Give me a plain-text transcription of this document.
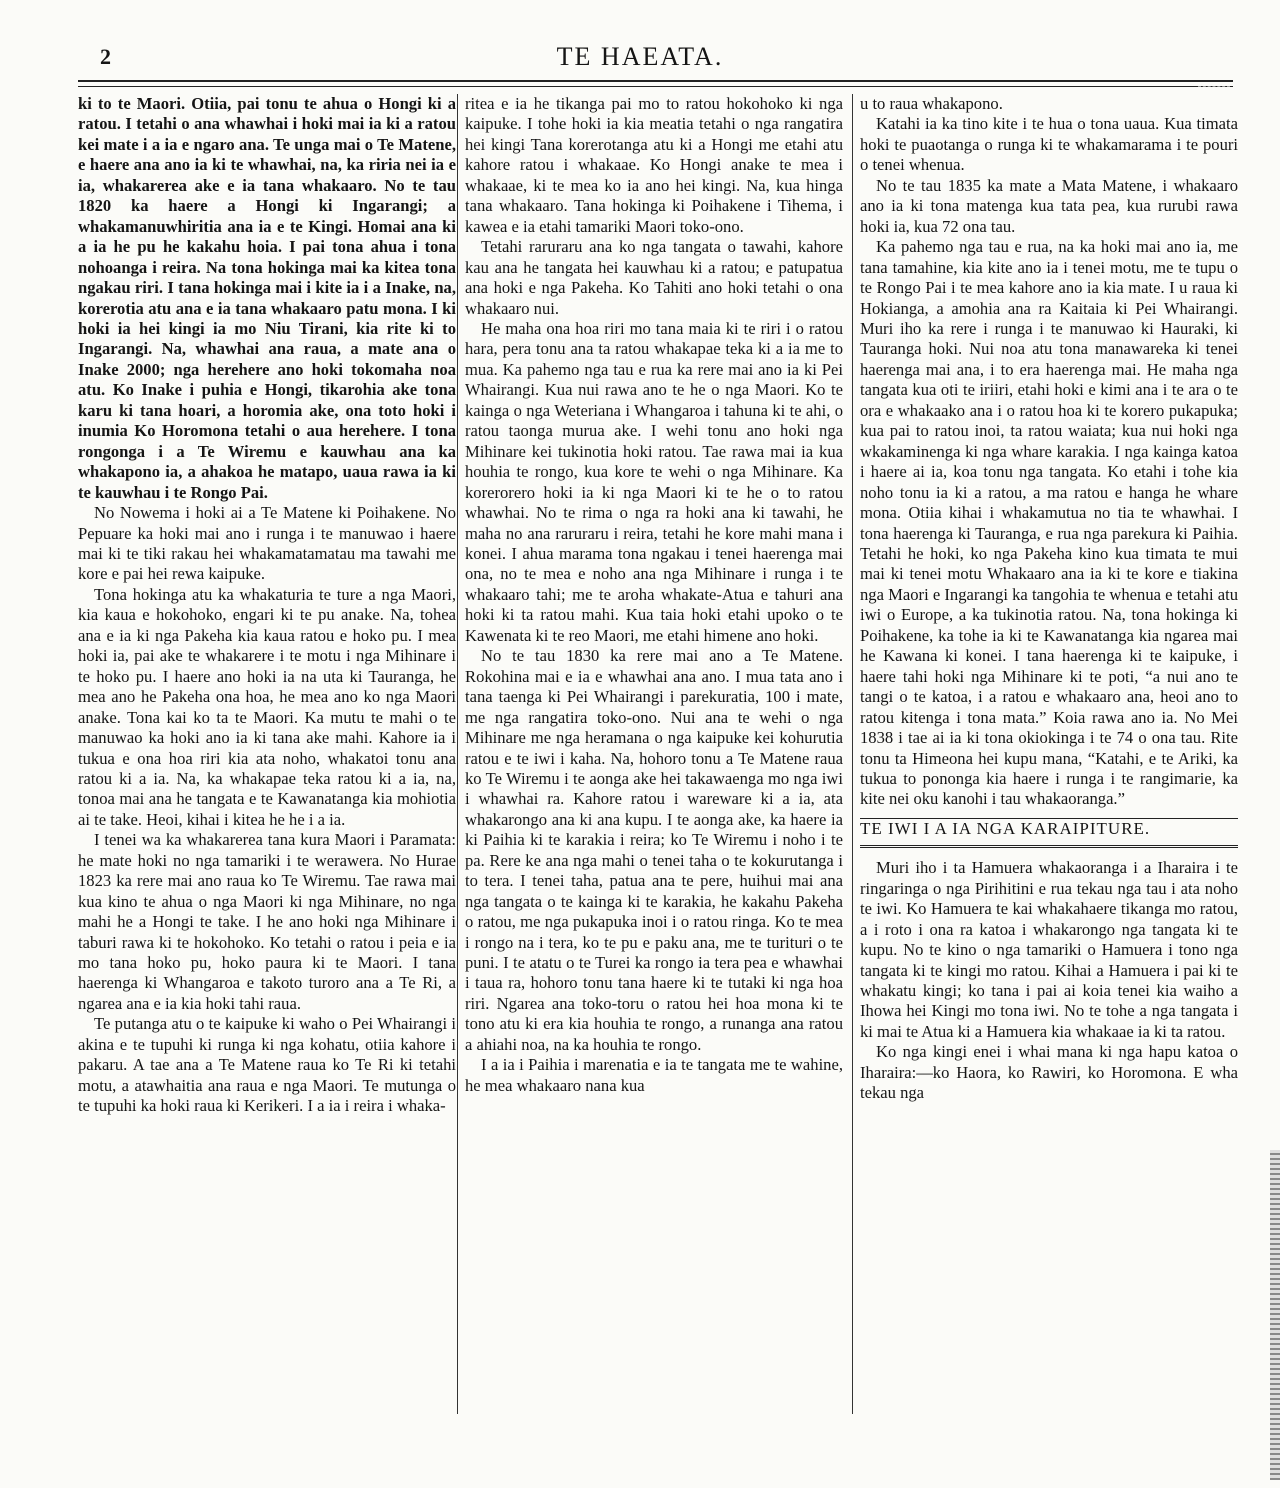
2	TE HAEATA.

ki to te Maori. Otiia, pai tonu te ahua o Hongi ki a ratou. I tetahi o ana whawhai i hoki mai ia ki a ratou kei mate i a ia e ngaro ana. Te unga mai o Te Matene, e haere ana ano ia ki te whawhai, na, ka riria nei ia e ia, whakarerea ake e ia tana whakaaro. No te tau 1820 ka haere a Hongi ki Ingarangi; a whakamanuwhiritia ana ia e te Kingi. Homai ana ki a ia he pu he kakahu hoia. I pai tona ahua i tona nohoanga i reira. Na tona hokinga mai ka kitea tona ngakau riri. I tana hokinga mai i kite ia i a Inake, na, korerotia atu ana e ia tana whakaaro patu mona. I ki hoki ia hei kingi ia mo Niu Tirani, kia rite ki to Ingarangi. Na, whawhai ana raua, a mate ana o Inake 2000; nga herehere ano hoki tokomaha noa atu. Ko Inake i puhia e Hongi, tikarohia ake tona karu ki tana hoari, a horomia ake, ona toto hoki i inumia Ko Horomona tetahi o aua herehere. I tona rongonga i a Te Wiremu e kauwhau ana ka whakapono ia, a ahakoa he matapo, uaua rawa ia ki te kauwhau i te Rongo Pai.

No Nowema i hoki ai a Te Matene ki Poihakene. No Pepuare ka hoki mai ano i runga i te manuwao i haere mai ki te tiki rakau hei whakamatamatau ma tawahi me kore e pai hei rewa kaipuke.

Tona hokinga atu ka whakaturia te ture a nga Maori, kia kaua e hokohoko, engari ki te pu anake. Na, tohea ana e ia ki nga Pakeha kia kaua ratou e hoko pu. I mea hoki ia, pai ake te whakarere i te motu i nga Mihinare i te hoko pu. I haere ano hoki ia na uta ki Tauranga, he mea ano he Pakeha ona hoa, he mea ano ko nga Maori anake. Tona kai ko ta te Maori. Ka mutu te mahi o te manuwao ka hoki ano ia ki tana ake mahi. Kahore ia i tukua e ona hoa riri kia ata noho, whakatoi tonu ana ratou ki a ia. Na, ka whakapae teka ratou ki a ia, na, tonoa mai ana he tangata e te Kawanatanga kia mohiotia ai te take. Heoi, kihai i kitea he he i a ia.

I tenei wa ka whakarerea tana kura Maori i Paramata: he mate hoki no nga tamariki i te werawera. No Hurae 1823 ka rere mai ano raua ko Te Wiremu. Tae rawa mai kua kino te ahua o nga Maori ki nga Mihinare, no nga mahi he a Hongi te take. I he ano hoki nga Mihinare i taburi rawa ki te hokohoko. Ko tetahi o ratou i peia e ia mo tana hoko pu, hoko paura ki te Maori. I tana haerenga ki Whangaroa e takoto turoro ana a Te Ri, a ngarea ana e ia kia hoki tahi raua.

Te putanga atu o te kaipuke ki waho o Pei Whairangi i akina e te tupuhi ki runga ki nga kohatu, otiia kahore i pakaru. A tae ana a Te Matene raua ko Te Ri ki tetahi motu, a atawhaitia ana raua e nga Maori. Te mutunga o te tupuhi ka hoki raua ki Kerikeri. I a ia i reira i whaka-

ritea e ia he tikanga pai mo to ratou hokohoko ki nga kaipuke. I tohe hoki ia kia meatia tetahi o nga rangatira hei kingi Tana korerotanga atu ki a Hongi me etahi atu kahore ratou i whakaae. Ko Hongi anake te mea i whakaae, ki te mea ko ia ano hei kingi. Na, kua hinga tana whakaaro. Tana hokinga ki Poihakene i Tihema, i kawea e ia etahi tamariki Maori toko-ono.

Tetahi raruraru ana ko nga tangata o tawahi, kahore kau ana he tangata hei kauwhau ki a ratou; e patupatua ana hoki e nga Pakeha. Ko Tahiti ano hoki tetahi o ona whakaaro nui.

He maha ona hoa riri mo tana maia ki te riri i o ratou hara, pera tonu ana ta ratou whakapae teka ki a ia me to mua. Ka pahemo nga tau e rua ka rere mai ano ia ki Pei Whairangi. Kua nui rawa ano te he o nga Maori. Ko te kainga o nga Weteriana i Whangaroa i tahuna ki te ahi, o ratou taonga murua ake. I wehi tonu ano hoki nga Mihinare kei tukinotia hoki ratou. Tae rawa mai ia kua houhia te rongo, kua kore te wehi o nga Mihinare. Ka korerorero hoki ia ki nga Maori ki te he o to ratou whawhai. No te rima o nga ra hoki ana ki tawahi, he maha no ana raruraru i reira, tetahi he kore mahi mana i konei. I ahua marama tona ngakau i tenei haerenga mai ona, no te mea e noho ana nga Mihinare i runga i te whakaaro tahi; me te aroha whakate-Atua e tahuri ana hoki ki ta ratou mahi. Kua taia hoki etahi upoko o te Kawenata ki te reo Maori, me etahi himene ano hoki.

No te tau 1830 ka rere mai ano a Te Matene. Rokohina mai e ia e whawhai ana ano. I mua tata ano i tana taenga ki Pei Whairangi i parekuratia, 100 i mate, me nga rangatira toko-ono. Nui ana te wehi o nga Mihinare me nga heramana o nga kaipuke kei kohurutia ratou e te iwi i kaha. Na, hohoro tonu a Te Matene raua ko Te Wiremu i te aonga ake hei takawaenga mo nga iwi i whawhai ra. Kahore ratou i wareware ki a ia, ata whakarongo ana ki ana kupu. I te aonga ake, ka haere ia ki Paihia ki te karakia i reira; ko Te Wiremu i noho i te pa. Rere ke ana nga mahi o tenei taha o te kokurutanga i to tera. I tenei taha, patua ana te pere, huihui mai ana nga tangata o te kainga ki te karakia, he kakahu Pakeha o ratou, me nga pukapuka inoi i o ratou ringa. Ko te mea i rongo na i tera, ko te pu e paku ana, me te turituri o te puni. I te atatu o te Turei ka rongo ia tera pea e whawhai i taua ra, hohoro tonu tana haere ki te tutaki ki nga hoa riri. Ngarea ana toko-toru o ratou hei hoa mona ki te tono atu ki era kia houhia te rongo, a runanga ana ratou a ahiahi noa, na ka houhia te rongo.

I a ia i Paihia i marenatia e ia te tangata me te wahine, he mea whakaaro nana kua

u to raua whakapono.

Katahi ia ka tino kite i te hua o tona uaua. Kua timata hoki te puaotanga o runga ki te whakamarama i te pouri o tenei whenua.

No te tau 1835 ka mate a Mata Matene, i whakaaro ano ia ki tona matenga kua tata pea, kua rurubi rawa hoki ia, kua 72 ona tau.

Ka pahemo nga tau e rua, na ka hoki mai ano ia, me tana tamahine, kia kite ano ia i tenei motu, me te tupu o te Rongo Pai i te mea kahore ano ia kia mate. I u raua ki Hokianga, a amohia ana ra Kaitaia ki Pei Whairangi. Muri iho ka rere i runga i te manuwao ki Hauraki, ki Tauranga hoki. Nui noa atu tona manawareka ki tenei haerenga mai ana, i to era haerenga mai. He maha nga tangata kua oti te iriiri, etahi hoki e kimi ana i te ara o te ora e whakaako ana i o ratou hoa ki te korero pukapuka; kua pai to ratou inoi, ta ratou waiata; kua nui hoki nga wkakaminenga ki nga whare karakia. I nga kainga katoa i haere ai ia, koa tonu nga tangata. Ko etahi i tohe kia noho tonu ia ki a ratou, a ma ratou e hanga he whare mona. Otiia kihai i whakamutua no tia te whawhai. I tona haerenga ki Tauranga, e rua nga parekura ki Paihia. Tetahi he hoki, ko nga Pakeha kino kua timata te mui mai ki tenei motu Whakaaro ana ia ki te kore e tiakina nga Maori e Ingarangi ka tangohia te whenua e tetahi atu iwi o Europe, a ka tukinotia ratou. Na, tona hokinga ki Poihakene, ka tohe ia ki te Kawanatanga kia ngarea mai he Kawana ki konei. I tana haerenga ki te kaipuke, i haere tahi hoki nga Mihinare ki te poti, “a nui ano te tangi o te katoa, i a ratou e whakaaro ana, heoi ano to ratou kitenga i tona mata.” Koia rawa ano ia. No Mei 1838 i tae ai ia ki tona okiokinga i te 74 o ona tau. Rite tonu ta Himeona hei kupu mana, “Katahi, e te Ariki, ka tukua to pononga kia haere i runga i te rangimarie, ka kite nei oku kanohi i tau whakaoranga.”

TE IWI I A IA NGA KARAIPITURE.

Muri iho i ta Hamuera whakaoranga i a Iharaira i te ringaringa o nga Pirihitini e rua tekau nga tau i ata noho te iwi. Ko Hamuera te kai whakahaere tikanga mo ratou, a i roto i ona ra katoa i whakarongo nga tangata ki te kupu. No te kino o nga tamariki o Hamuera i tono nga tangata ki te kingi mo ratou. Kihai a Hamuera i pai ki te whakatu kingi; ko tana i pai ai koia tenei kia waiho a Ihowa hei Kingi mo tona iwi. No te tohe a nga tangata i ki mai te Atua ki a Hamuera kia whakaae ia ki ta ratou.

Ko nga kingi enei i whai mana ki nga hapu katoa o Iharaira:—ko Haora, ko Rawiri, ko Horomona. E wha tekau nga
